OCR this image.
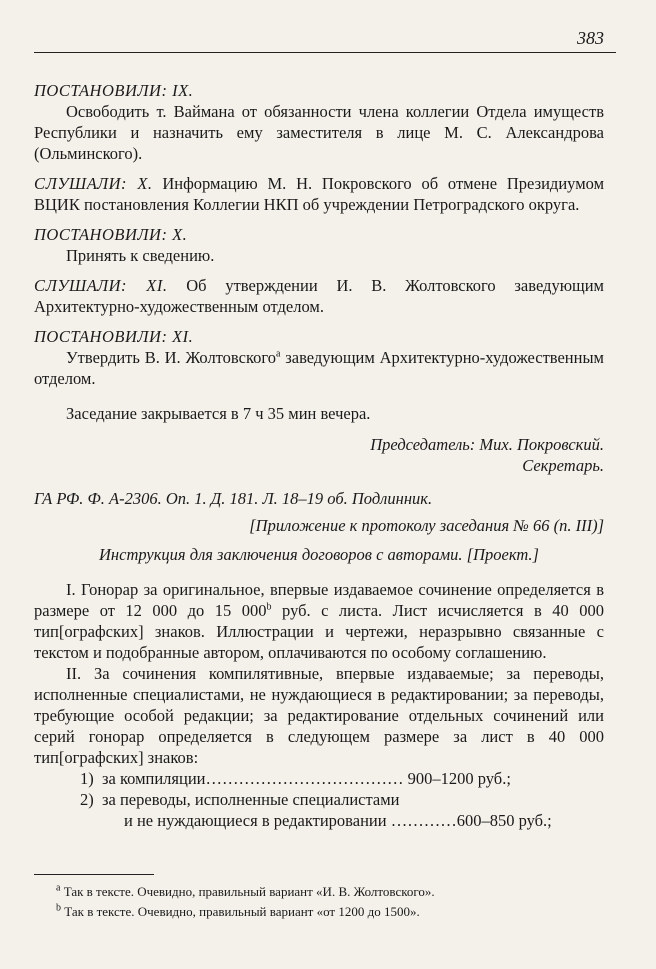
383
ПОСТАНОВИЛИ: IX.
Освободить т. Ваймана от обязанности члена коллегии Отдела имуществ Республики и назначить ему заместителя в лице М. С. Александрова (Ольминского).
СЛУШАЛИ: X. Информацию М. Н. Покровского об отмене Президиумом ВЦИК постановления Коллегии НКП об учреждении Петроградского округа.
ПОСТАНОВИЛИ: X.
Принять к сведению.
СЛУШАЛИ: XI. Об утверждении И. В. Жолтовского заведующим Архитектурно-художественным отделом.
ПОСТАНОВИЛИ: XI.
Утвердить В. И. Жолтовского$^a$ заведующим Архитектурно-художественным отделом.
Заседание закрывается в 7 ч 35 мин вечера.
Председатель: Мих. Покровский.
Секретарь.
ГА РФ. Ф. А-2306. Оп. 1. Д. 181. Л. 18–19 об. Подлинник.
[Приложение к протоколу заседания № 66 (п. III)]
Инструкция для заключения договоров с авторами. [Проект.]
I. Гонорар за оригинальное, впервые издаваемое сочинение определяется в размере от 12 000 до 15 000$^b$ руб. с листа. Лист исчисляется в 40 000 тип[ографских] знаков. Иллюстрации и чертежи, неразрывно связанные с текстом и подобранные автором, оплачиваются по особому соглашению.
II. За сочинения компилятивные, впервые издаваемые; за переводы, исполненные специалистами, не нуждающиеся в редактировании; за переводы, требующие особой редакции; за редактирование отдельных сочинений или серий гонорар определяется в следующем размере за лист в 40 000 тип[ографских] знаков:
1) за компиляции……………………………… 900–1200 руб.;
2) за переводы, исполненные специалистами
и не нуждающиеся в редактировании …………600–850 руб.;
$^a$ Так в тексте. Очевидно, правильный вариант «И. В. Жолтовского».
$^b$ Так в тексте. Очевидно, правильный вариант «от 1200 до 1500».
